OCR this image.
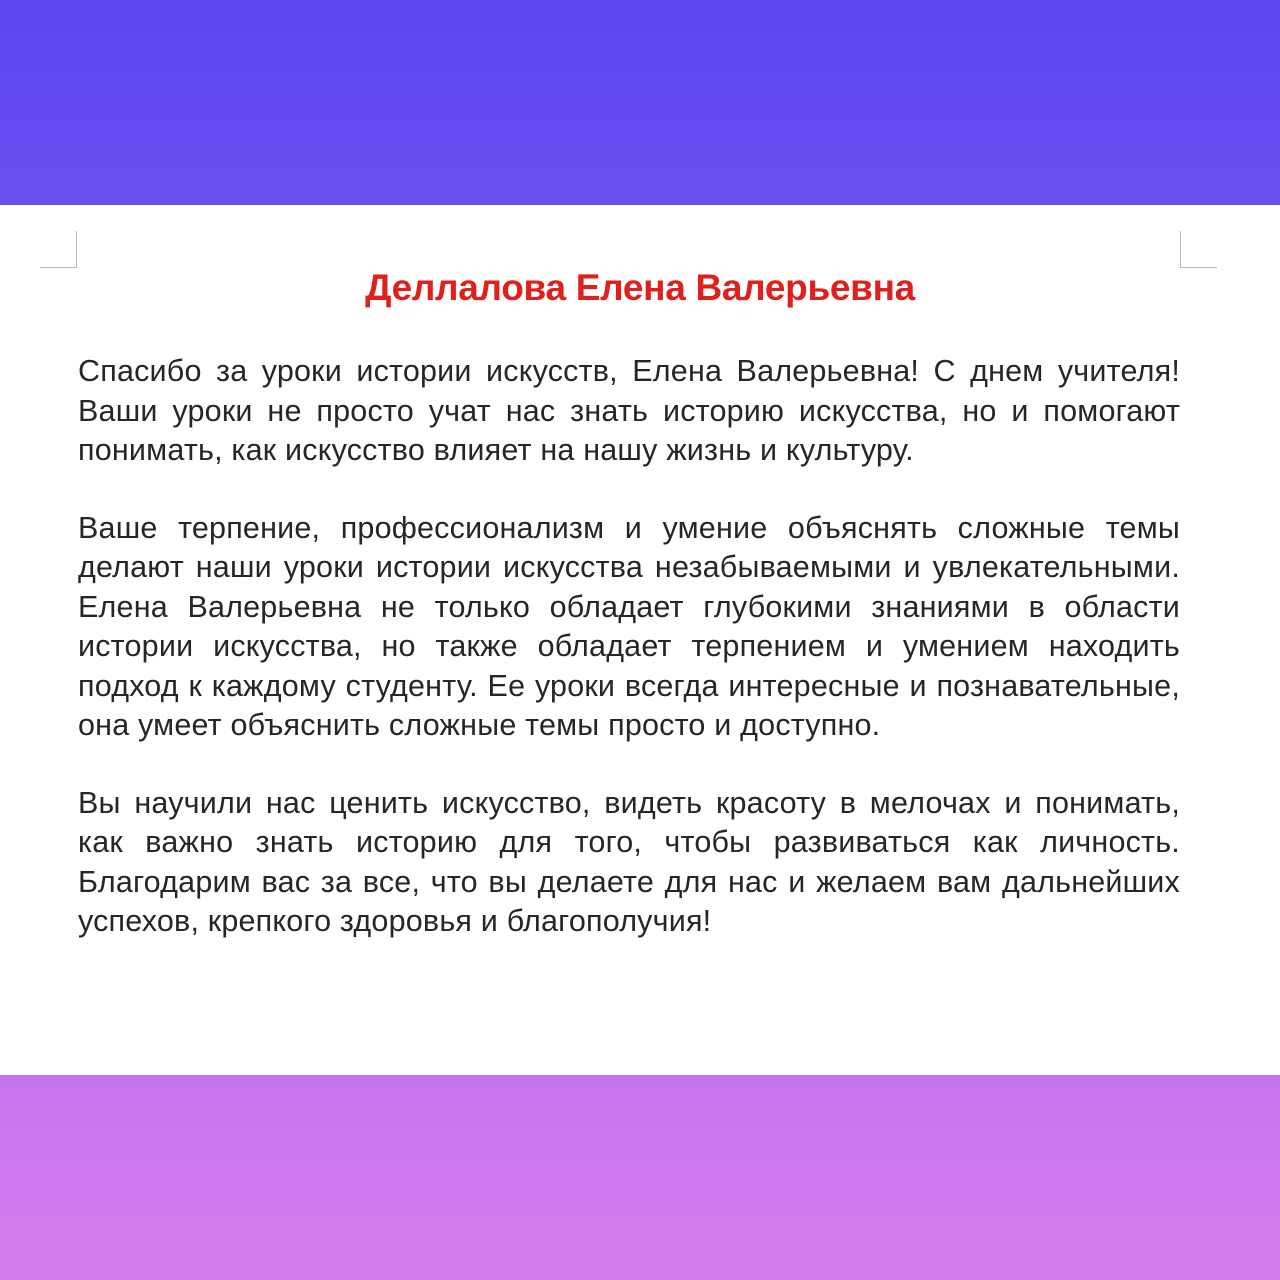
Деллалова Елена Валерьевна

Спасибо за уроки истории искусств, Елена Валерьевна! С днем учителя! Ваши уроки не просто учат нас знать историю искусства, но и помогают понимать, как искусство влияет на нашу жизнь и культуру.

Ваше терпение, профессионализм и умение объяснять сложные темы делают наши уроки истории искусства незабываемыми и увлекательными. Елена Валерьевна не только обладает глубокими знаниями в области истории искусства, но также обладает терпением и умением находить подход к каждому студенту. Ее уроки всегда интересные и познавательные, она умеет объяснить сложные темы просто и доступно.

Вы научили нас ценить искусство, видеть красоту в мелочах и понимать, как важно знать историю для того, чтобы развиваться как личность. Благодарим вас за все, что вы делаете для нас и желаем вам дальнейших успехов, крепкого здоровья и благополучия!
